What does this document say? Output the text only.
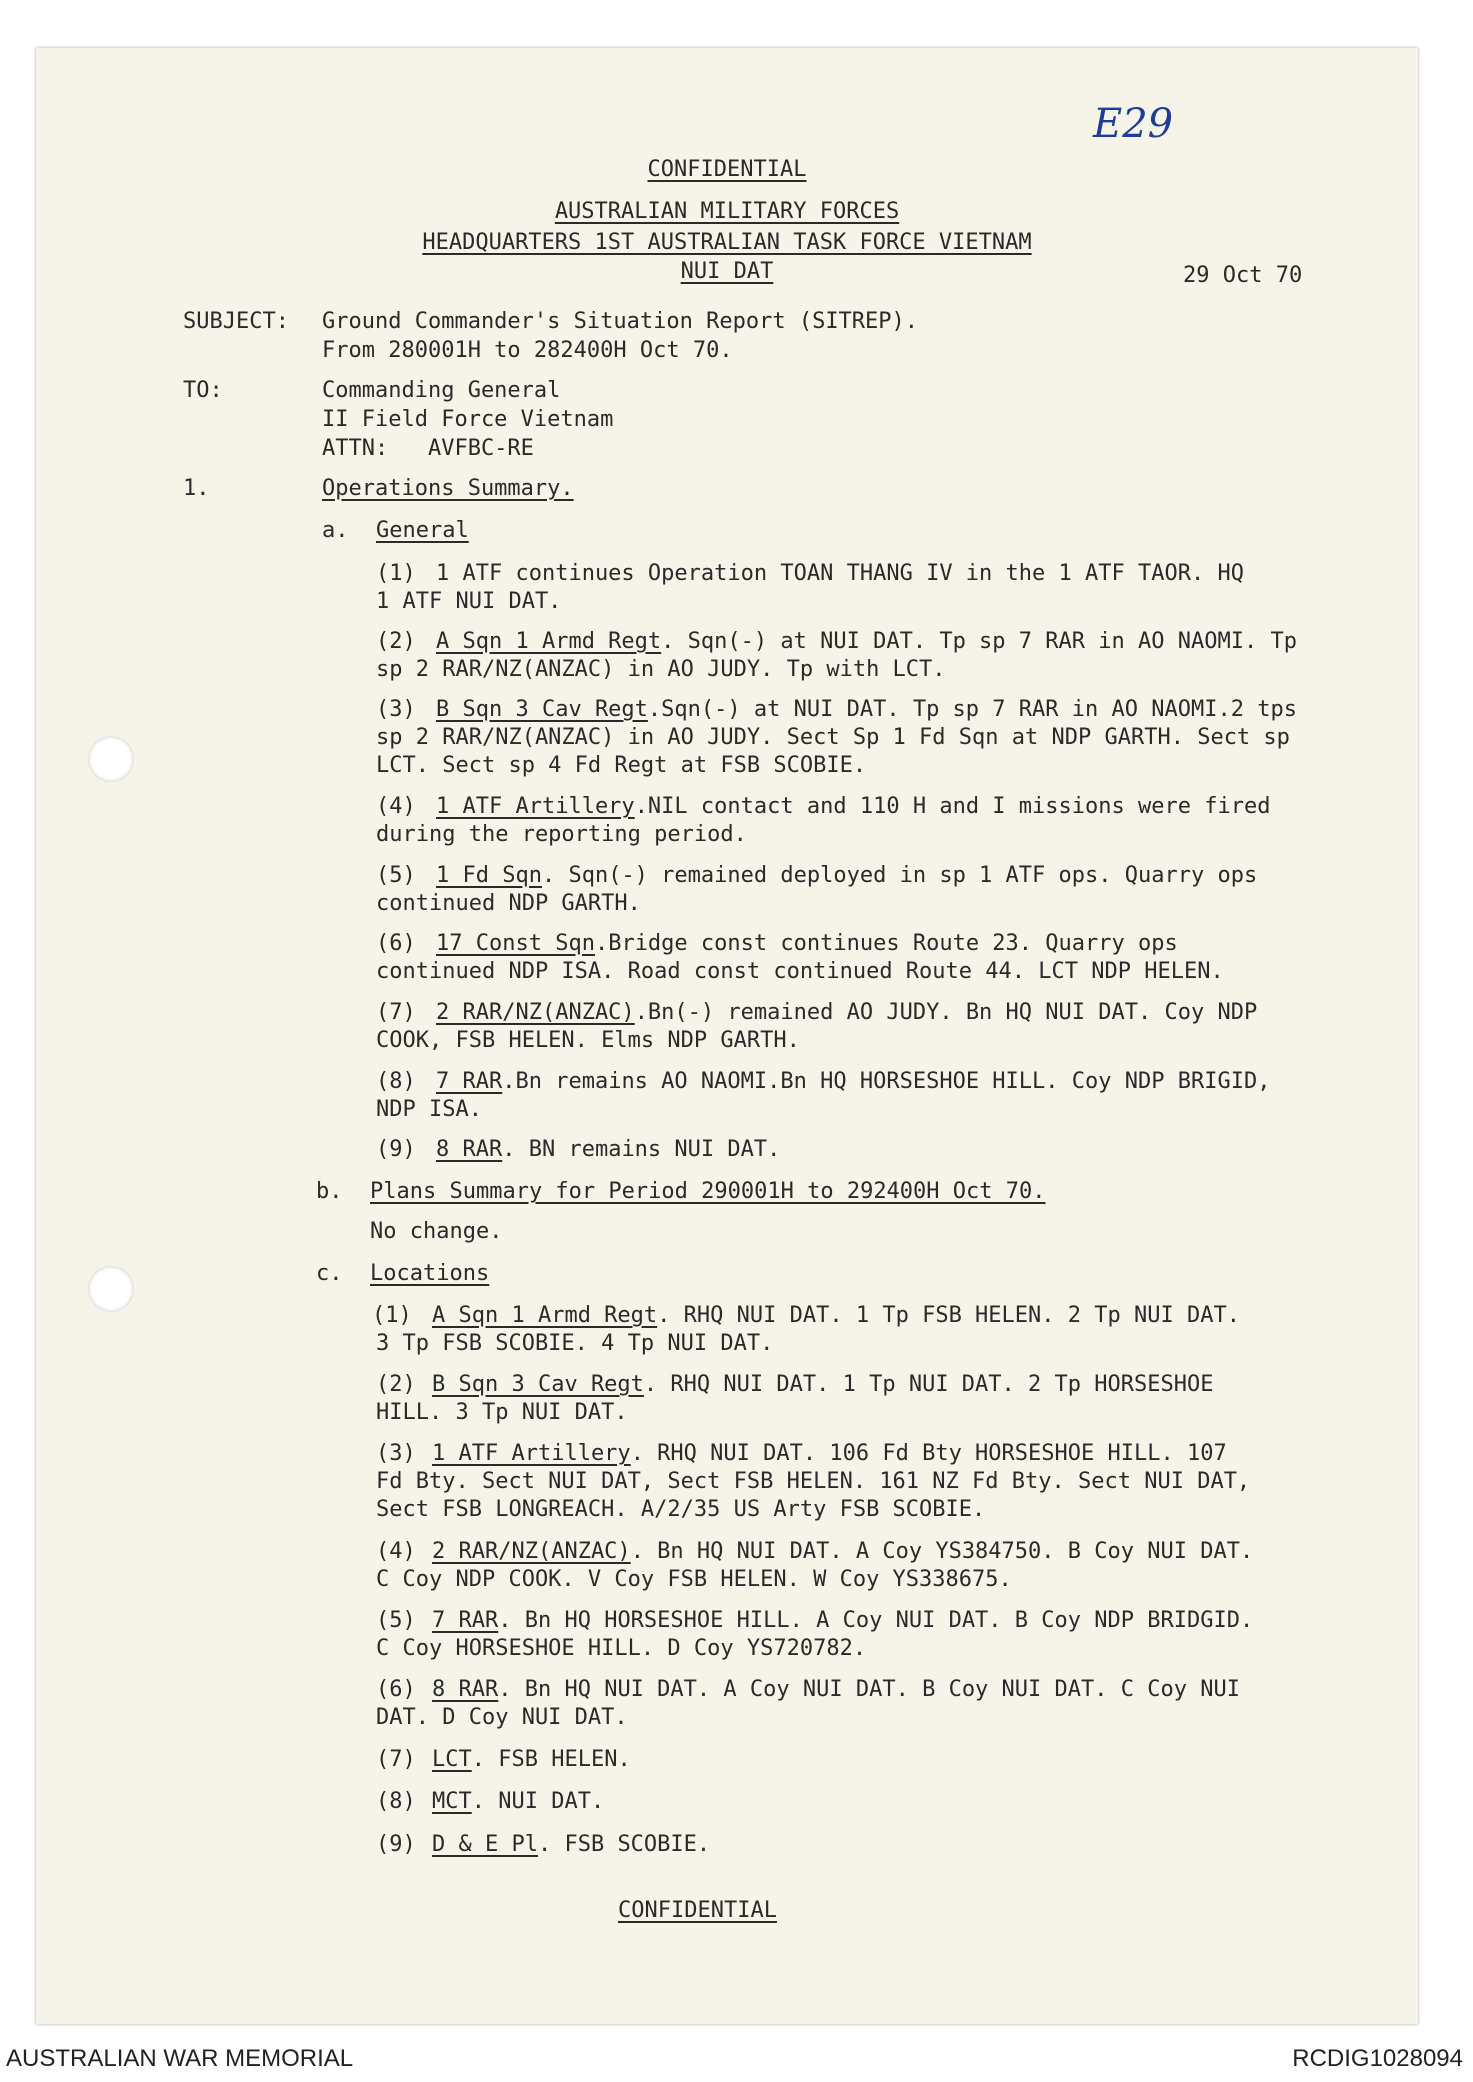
E29
CONFIDENTIAL
AUSTRALIAN MILITARY FORCES
HEADQUARTERS 1ST AUSTRALIAN TASK FORCE VIETNAM
NUI DAT	29 Oct 70
SUBJECT: Ground Commander's Situation Report (SITREP).
From 280001H to 282400H Oct 70.
TO:	Commanding General
II Field Force Vietnam
ATTN:   AVFBC-RE
1.	Operations Summary.
a. General
(1) 1 ATF continues Operation TOAN THANG IV in the 1 ATF TAOR. HQ
1 ATF NUI DAT.
(2) A Sqn 1 Armd Regt. Sqn(-) at NUI DAT. Tp sp 7 RAR in AO NAOMI. Tp
sp 2 RAR/NZ(ANZAC) in AO JUDY. Tp with LCT.
(3) B Sqn 3 Cav Regt.Sqn(-) at NUI DAT. Tp sp 7 RAR in AO NAOMI.2 tps
sp 2 RAR/NZ(ANZAC) in AO JUDY. Sect Sp 1 Fd Sqn at NDP GARTH. Sect sp
LCT. Sect sp 4 Fd Regt at FSB SCOBIE.
(4) 1 ATF Artillery.NIL contact and 110 H and I missions were fired
during the reporting period.
(5) 1 Fd Sqn. Sqn(-) remained deployed in sp 1 ATF ops. Quarry ops
continued NDP GARTH.
(6) 17 Const Sqn.Bridge const continues Route 23. Quarry ops
continued NDP ISA. Road const continued Route 44. LCT NDP HELEN.
(7) 2 RAR/NZ(ANZAC).Bn(-) remained AO JUDY. Bn HQ NUI DAT. Coy NDP
COOK, FSB HELEN. Elms NDP GARTH.
(8) 7 RAR.Bn remains AO NAOMI.Bn HQ HORSESHOE HILL. Coy NDP BRIGID,
NDP ISA.
(9) 8 RAR. BN remains NUI DAT.
b. Plans Summary for Period 290001H to 292400H Oct 70.
No change.
c. Locations
(1) A Sqn 1 Armd Regt. RHQ NUI DAT. 1 Tp FSB HELEN. 2 Tp NUI DAT.
3 Tp FSB SCOBIE. 4 Tp NUI DAT.
(2) B Sqn 3 Cav Regt. RHQ NUI DAT. 1 Tp NUI DAT. 2 Tp HORSESHOE
HILL. 3 Tp NUI DAT.
(3) 1 ATF Artillery. RHQ NUI DAT. 106 Fd Bty HORSESHOE HILL. 107
Fd Bty. Sect NUI DAT, Sect FSB HELEN. 161 NZ Fd Bty. Sect NUI DAT,
Sect FSB LONGREACH. A/2/35 US Arty FSB SCOBIE.
(4) 2 RAR/NZ(ANZAC). Bn HQ NUI DAT. A Coy YS384750. B Coy NUI DAT.
C Coy NDP COOK. V Coy FSB HELEN. W Coy YS338675.
(5) 7 RAR. Bn HQ HORSESHOE HILL. A Coy NUI DAT. B Coy NDP BRIDGID.
C Coy HORSESHOE HILL. D Coy YS720782.
(6) 8 RAR. Bn HQ NUI DAT. A Coy NUI DAT. B Coy NUI DAT. C Coy NUI
DAT. D Coy NUI DAT.
(7) LCT. FSB HELEN.
(8) MCT. NUI DAT.
(9) D & E Pl. FSB SCOBIE.
CONFIDENTIAL
AUSTRALIAN WAR MEMORIAL	RCDIG1028094
